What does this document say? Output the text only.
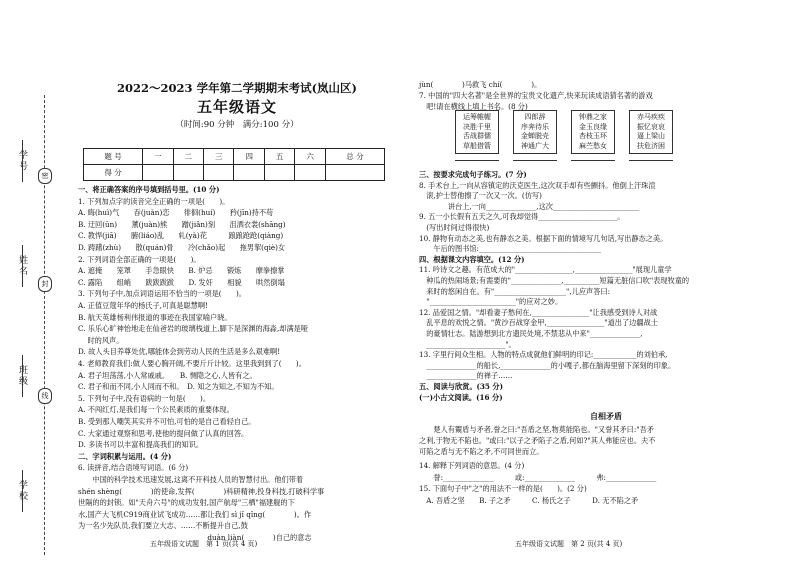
学号
姓名
班级
学校
密
封
线
2022～2023 学年第二学期期末考试(岚山区)
五年级语文
（时间:90 分钟　满分:100 分）
题 号	一	二	三	四	五	六	总 分
得 分							
一、将正确答案的序号填到括号里。(10 分)
1. 下列加点字的读音完全正确的一项是(　　)。
A. 晦(huì)气　　吞(juàn)恋　　徘徊(huí)　　矜(jīn)持不苟
B. 迂回(ūn)　　薰(juàn)熊　　蹭(jiǎn)刻　　沮洒衣裳(shāng)
C. 教悍(jiā)　　腑(liáo)乱　　轧(yà)花　　　踉踉跄跄(qiàng)
D. 踌躇(zhù)　　散(quán)骨　　冷(chǎo)起　　拖男挈(qiè)女
2. 下列词语全部正确的一项是(　　)。
A. 遮掩　　笼罩　　手急眼快　　B. 炉忌　　锻炼　　摩拳擦掌
C. 露陷　　组峭　　跋跋跋跋　　D. 发奸　　相貌　　哄然倒塌
3. 下列句子中,加点词语运用不恰当的一项是(　　)。
A. 正值豆蔻年华的杨氏子,可真是聪慧啊!
B. 航天英雄杨利伟报道的事迹在我国家喻户晓。
C. 乐乐心旷神怡地走在仙爸岩的玻璃栈道上,脚下是深渊的海淼,却满是哑
　 时的风声。
D. 故人头目养尊处优,哪能体会到劳动人民的生活是多么艰难啊!
4. 老师教育我们:做人要心胸开阔,不要斤斤计较。这里我到到了(　　)。
A. 君子坦荡荡,小人常戚戚。　　B. 恻隐之心,人皆有之。
C. 君子和而不同,小人同而不和。　D. 知之为知之,不知为不知。
5. 下列句子中,没有语病的一句是(　　)。
A. 不闯红灯,是我们每一个公民素质的重要体现。
B. 受到那人嘲笑其实并不可怕,可怕的是自己看轻自己。
C. 大家通过观察和思考,使他的提问做了认真的回答。
D. 多读书可以丰富和提高我们的知识。
二、字词积累与运用。(4 分)
6. 读拼音,结合语境写词语。(6 分)
　　中国的科学技术迅速发展,这离不开科技人员的智慧付出。他们带着
shén shèng(　　　　)的使命,发挥(　　　　)科研精神,投身科技,打破科学事
世隔的的封锁。如"天舟六号"的成功发射,国产航母"三栖"福建舰的下
水,国产大飞机C919商业试飞成功……都让我们 sì jǐ qǐng(　　　　)。作
为一名少先队员,我们要立大志、……不断提升自己,鼓
　　　　　　　　　　　　　　　　　　duàn liàn(　　　　)自己的意志
五年级语文试题　第 1 页(共 4 页)
jùn(　　　　)马救飞 chí(　　　　)。
7. 中国的"四大名著"是全世界的宝贵文化遗产,快来玩读成语猜名著的游戏
　吧!请在横线上填上书名。(8 分)
运筹帷幄
决胜千里
舌战群儒
草船借箭
四郎辞
序奔待乐
金蝉脱壳
神通广大
钟鼎之家
金玉良缘
杏枝玉环
麻苎愁女
赤马疾疾
振忆哀哀
逼上梁山
扶危济困
三、按要求完成句子练习。(7 分)
8. 手术台上,一向从容镇定的沃克医生,这次双手却有些颤抖。他倒上汗珠渲
　滚,护士替他擦了一次又一次。(仿写)
　　　　讲台上,一向______________,这次________________________
9. 五一小长假有五天之久,可我却觉得______________________。
　(写出时间过得很快)
10. 静物有动态之美,也有静态之美。根据下面的情境写几句话,写出静态之美。
　　午后的图书馆:__________________________________
四、根据课文内容填空。(12 分)
11. 吟诗文之趣。有范成大的"________________,________________"展现儿童学
　种瓜的热闹场景;有需要的"______________,__________短篇无脏信口吹"表现牧童的
　来时的悠闲自在。有"____________________",儿应声答曰:
　"________________________"的应对之妙。
12. 品爱国之情。"却看妻子愁何在,________________"让我感受到诗人对战
　乱平息的欢悦之情。"黄沙百战穿金甲,________________"道出了边疆战士
　的豪情壮志。陆游想到北方遗民处境,不禁悲从中来"______________,
　______________________"。
13. 字里行间众生相。人物的特点成就他们鲜明的印记:____________的刘伯承,
　______________的船长,______________的小嘎子,都在脑海里留下深刻的印象。
　______________的禅子……
五、阅读与欣赏。(35 分)
(一)小古文阅读。(16 分)
自相矛盾
　　楚人有鬻盾与矛者,誉之曰:"吾盾之坚,物莫能陷也。"又誉其矛曰:"吾矛
之利,于物无不陷也。"或曰:"以子之矛陷子之盾,何如?"其人弗能应也。夫不
可陷之盾与无不陷之矛,不可同世而立。
14. 解释下列词语的意思。(4 分)
　　誉:______________　　　或:______________　　　弗:______________
15. 下面句子中"之"的用法不一样的是(　　)。(2 分)
　A. 吾盾之坚　　B. 子之矛　　　C. 杨氏之子　　　D. 无不陷之矛
五年级语文试题　第 2 页(共 4 页)
